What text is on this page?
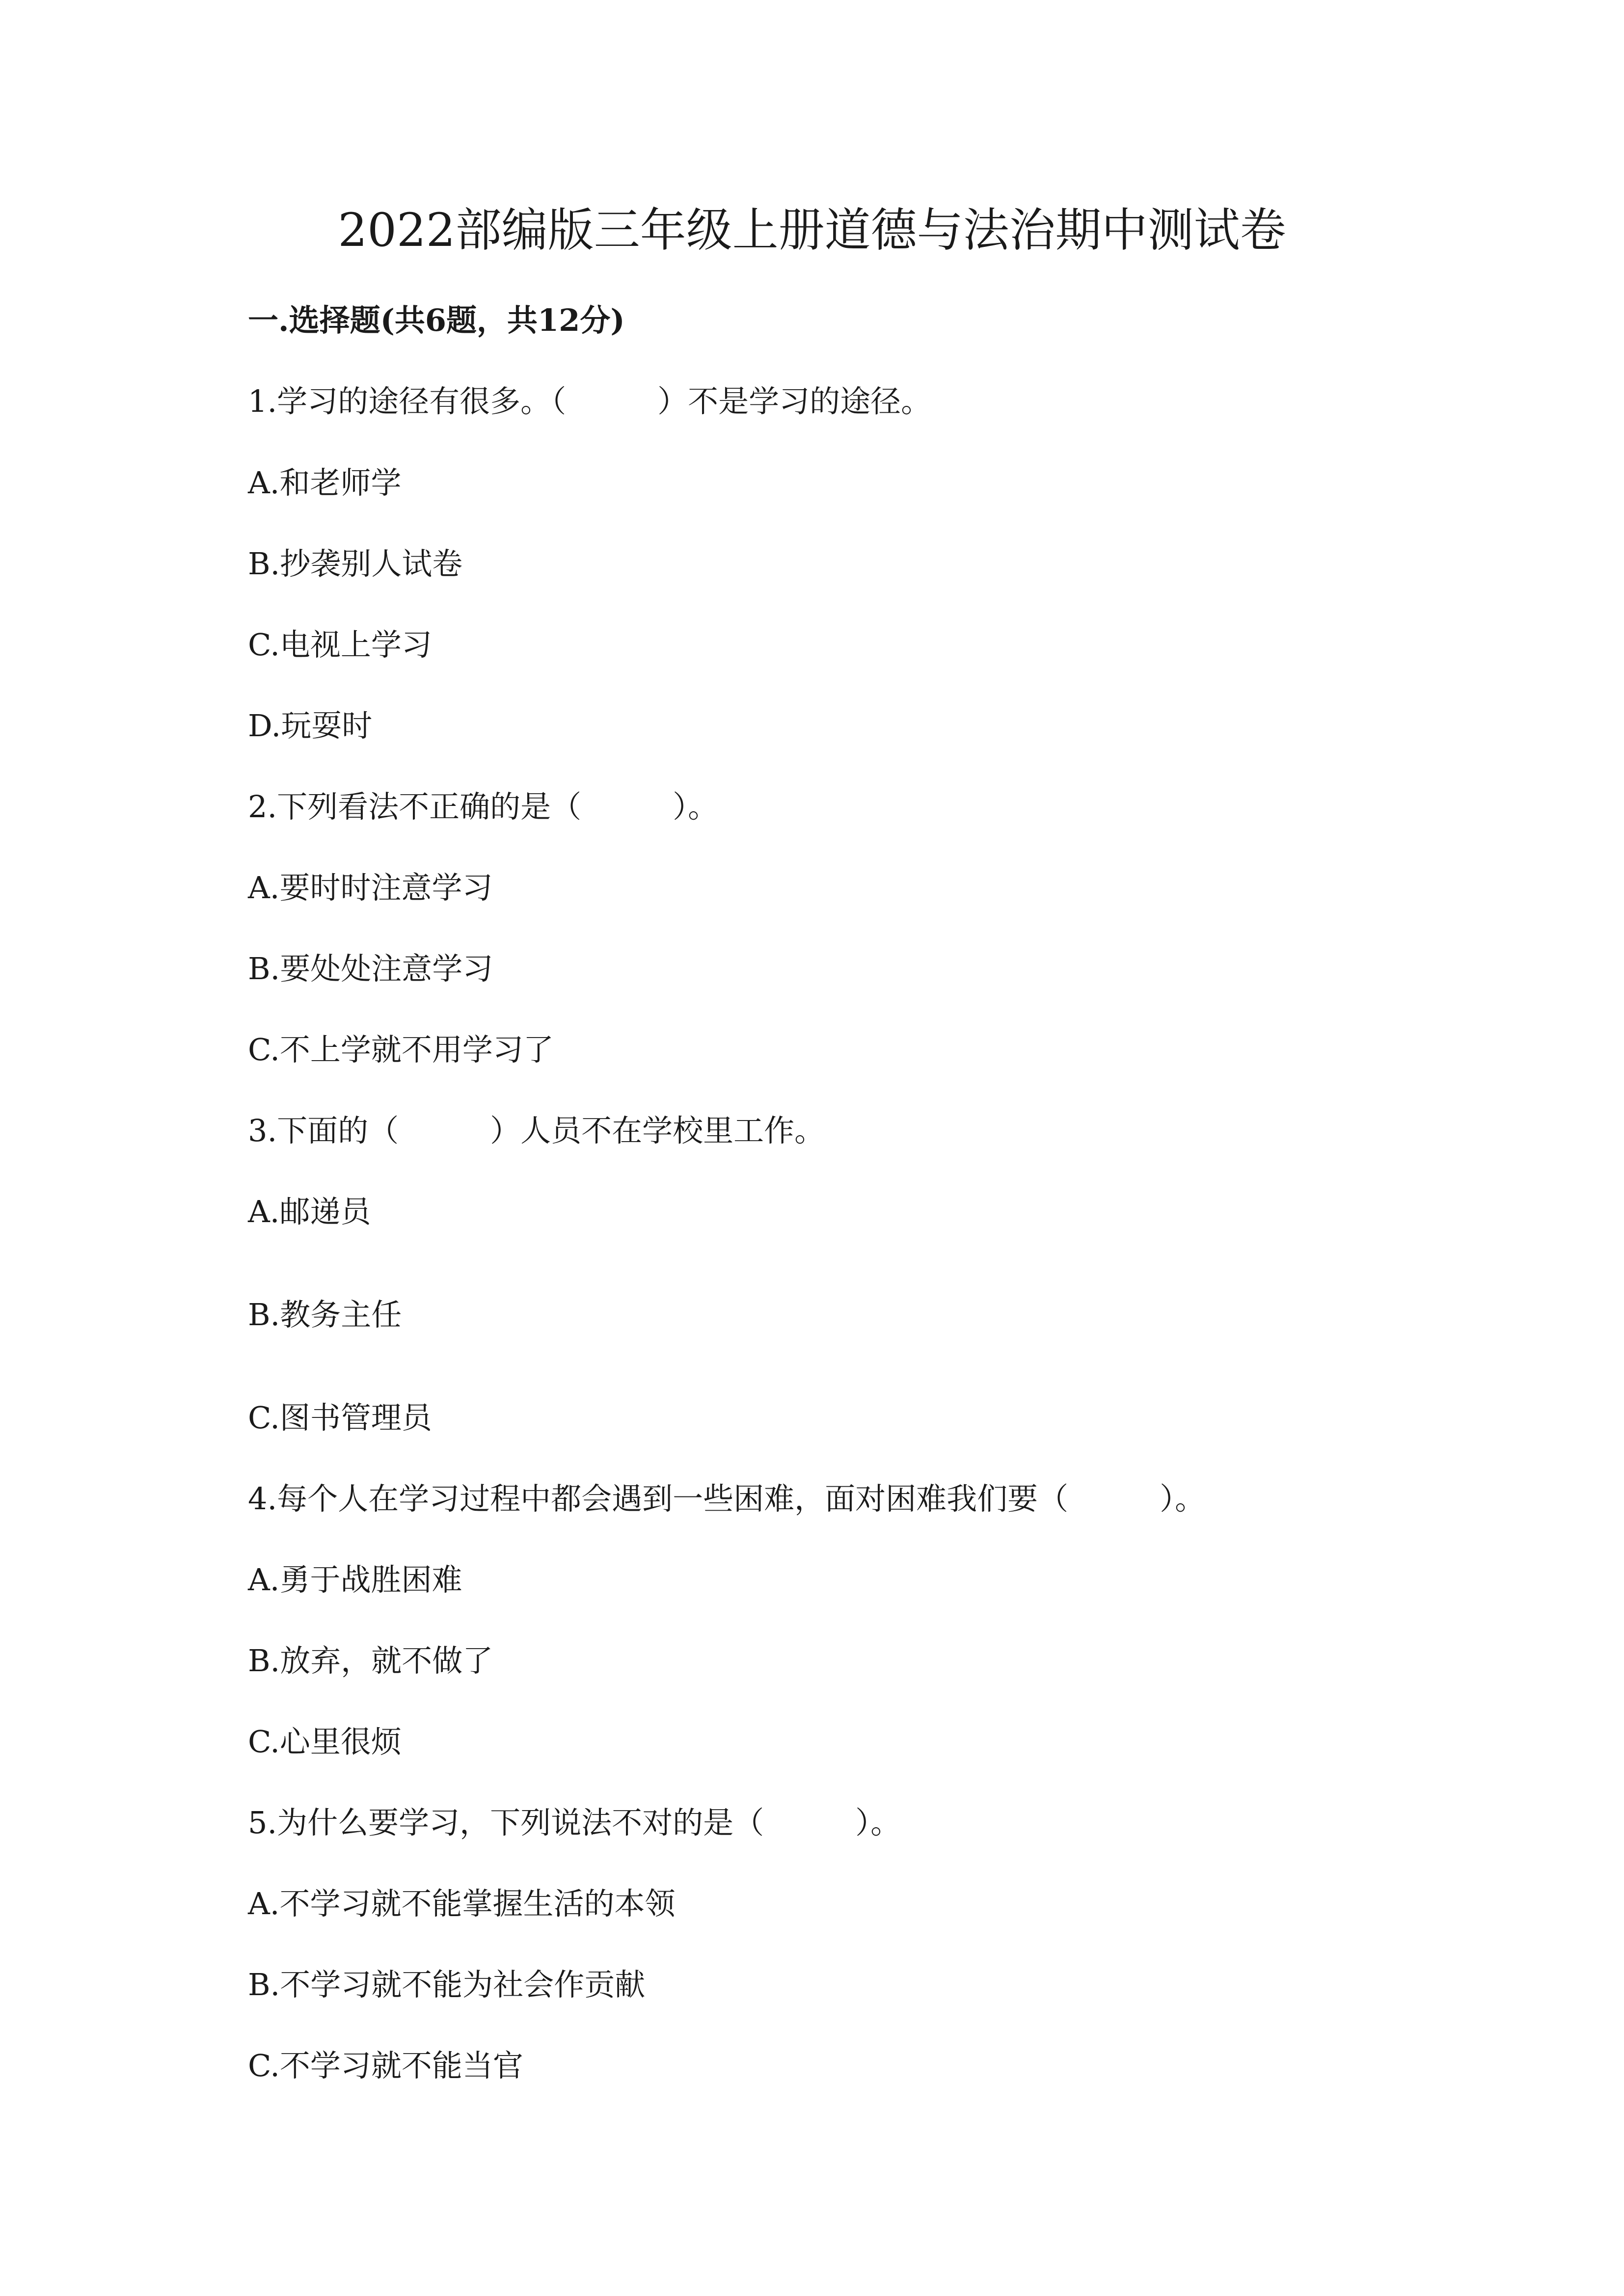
2022部编版三年级上册道德与法治期中测试卷
一.选择题(共6题，共12分)

1.学习的途径有很多。（　　　）不是学习的途径。

A.和老师学

B.抄袭别人试卷

C.电视上学习

D.玩耍时

2.下列看法不正确的是（　　　）。

A.要时时注意学习

B.要处处注意学习

C.不上学就不用学习了

3.下面的（　　　）人员不在学校里工作。

A.邮递员

B.教务主任

C.图书管理员

4.每个人在学习过程中都会遇到一些困难，面对困难我们要（　　　）。

A.勇于战胜困难

B.放弃，就不做了

C.心里很烦

5.为什么要学习，下列说法不对的是（　　　）。

A.不学习就不能掌握生活的本领

B.不学习就不能为社会作贡献

C.不学习就不能当官
